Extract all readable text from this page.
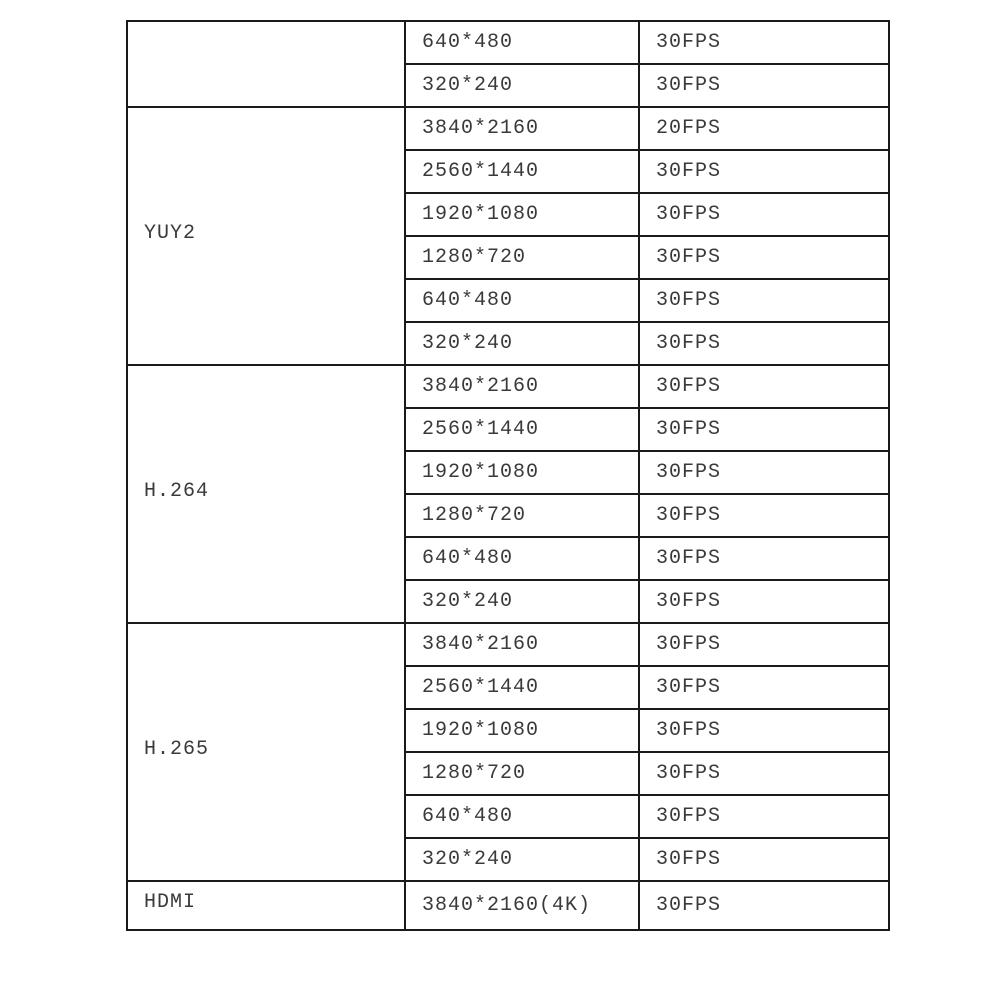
	640*480	30FPS
	320*240	30FPS
YUY2	3840*2160	20FPS
	2560*1440	30FPS
	1920*1080	30FPS
	1280*720	30FPS
	640*480	30FPS
	320*240	30FPS
H.264	3840*2160	30FPS
	2560*1440	30FPS
	1920*1080	30FPS
	1280*720	30FPS
	640*480	30FPS
	320*240	30FPS
H.265	3840*2160	30FPS
	2560*1440	30FPS
	1920*1080	30FPS
	1280*720	30FPS
	640*480	30FPS
	320*240	30FPS
HDMI	3840*2160(4K)	30FPS
